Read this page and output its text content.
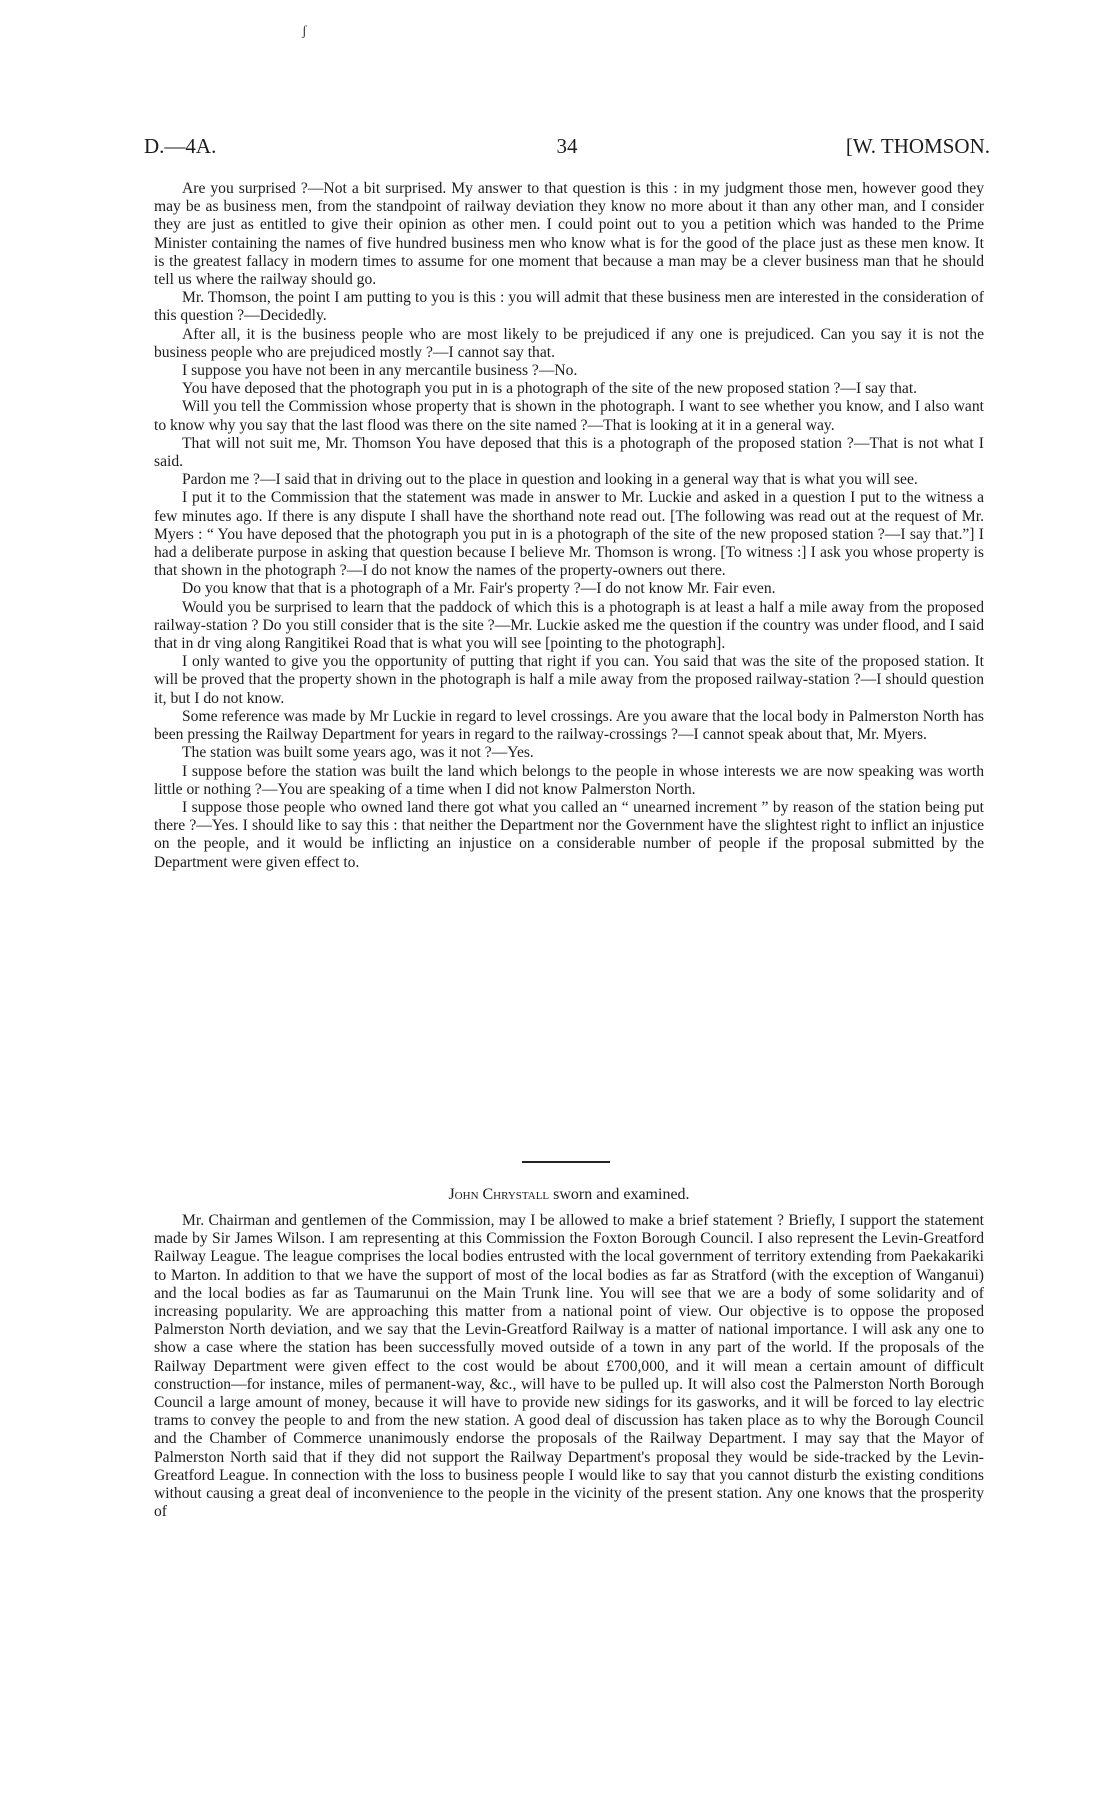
ʃ
D.—4A.	34	[W. THOMSON.

Are you surprised ?—Not a bit surprised. My answer to that question is this : in my judgment those men, however good they may be as business men, from the standpoint of railway deviation they know no more about it than any other man, and I consider they are just as entitled to give their opinion as other men. I could point out to you a petition which was handed to the Prime Minister containing the names of five hundred business men who know what is for the good of the place just as these men know. It is the greatest fallacy in modern times to assume for one moment that because a man may be a clever business man that he should tell us where the railway should go.

Mr. Thomson, the point I am putting to you is this : you will admit that these business men are interested in the consideration of this question ?—Decidedly.

After all, it is the business people who are most likely to be prejudiced if any one is prejudiced. Can you say it is not the business people who are prejudiced mostly ?—I cannot say that.

I suppose you have not been in any mercantile business ?—No.

You have deposed that the photograph you put in is a photograph of the site of the new proposed station ?—I say that.

Will you tell the Commission whose property that is shown in the photograph. I want to see whether you know, and I also want to know why you say that the last flood was there on the site named ?—That is looking at it in a general way.

That will not suit me, Mr. Thomson You have deposed that this is a photograph of the proposed station ?—That is not what I said.

Pardon me ?—I said that in driving out to the place in question and looking in a general way that is what you will see.

I put it to the Commission that the statement was made in answer to Mr. Luckie and asked in a question I put to the witness a few minutes ago. If there is any dispute I shall have the shorthand note read out. [The following was read out at the request of Mr. Myers : “ You have deposed that the photograph you put in is a photograph of the site of the new proposed station ?—I say that.”] I had a deliberate purpose in asking that question because I believe Mr. Thomson is wrong. [To witness :] I ask you whose property is that shown in the photograph ?—I do not know the names of the property-owners out there.

Do you know that that is a photograph of a Mr. Fair's property ?—I do not know Mr. Fair even.

Would you be surprised to learn that the paddock of which this is a photograph is at least a half a mile away from the proposed railway-station ? Do you still consider that is the site ?—Mr. Luckie asked me the question if the country was under flood, and I said that in dr ving along Rangitikei Road that is what you will see [pointing to the photograph].

I only wanted to give you the opportunity of putting that right if you can. You said that was the site of the proposed station. It will be proved that the property shown in the photograph is half a mile away from the proposed railway-station ?—I should question it, but I do not know.

Some reference was made by Mr Luckie in regard to level crossings. Are you aware that the local body in Palmerston North has been pressing the Railway Department for years in regard to the railway-crossings ?—I cannot speak about that, Mr. Myers.

The station was built some years ago, was it not ?—Yes.

I suppose before the station was built the land which belongs to the people in whose interests we are now speaking was worth little or nothing ?—You are speaking of a time when I did not know Palmerston North.

I suppose those people who owned land there got what you called an “ unearned increment ” by reason of the station being put there ?—Yes. I should like to say this : that neither the Department nor the Government have the slightest right to inflict an injustice on the people, and it would be inflicting an injustice on a considerable number of people if the proposal submitted by the Department were given effect to.

John Chrystall sworn and examined.

Mr. Chairman and gentlemen of the Commission, may I be allowed to make a brief statement ? Briefly, I support the statement made by Sir James Wilson. I am representing at this Commission the Foxton Borough Council. I also represent the Levin-Greatford Railway League. The league comprises the local bodies entrusted with the local government of territory extending from Paekakariki to Marton. In addition to that we have the support of most of the local bodies as far as Stratford (with the exception of Wanganui) and the local bodies as far as Taumarunui on the Main Trunk line. You will see that we are a body of some solidarity and of increasing popularity. We are approaching this matter from a national point of view. Our objective is to oppose the proposed Palmerston North deviation, and we say that the Levin-Greatford Railway is a matter of national importance. I will ask any one to show a case where the station has been successfully moved outside of a town in any part of the world. If the proposals of the Railway Department were given effect to the cost would be about £700,000, and it will mean a certain amount of difficult construction—for instance, miles of permanent-way, &c., will have to be pulled up. It will also cost the Palmerston North Borough Council a large amount of money, because it will have to provide new sidings for its gasworks, and it will be forced to lay electric trams to convey the people to and from the new station. A good deal of discussion has taken place as to why the Borough Council and the Chamber of Commerce unanimously endorse the proposals of the Railway Department. I may say that the Mayor of Palmerston North said that if they did not support the Railway Department's proposal they would be side-tracked by the Levin-Greatford League. In connection with the loss to business people I would like to say that you cannot disturb the existing conditions without causing a great deal of inconvenience to the people in the vicinity of the present station. Any one knows that the prosperity of
